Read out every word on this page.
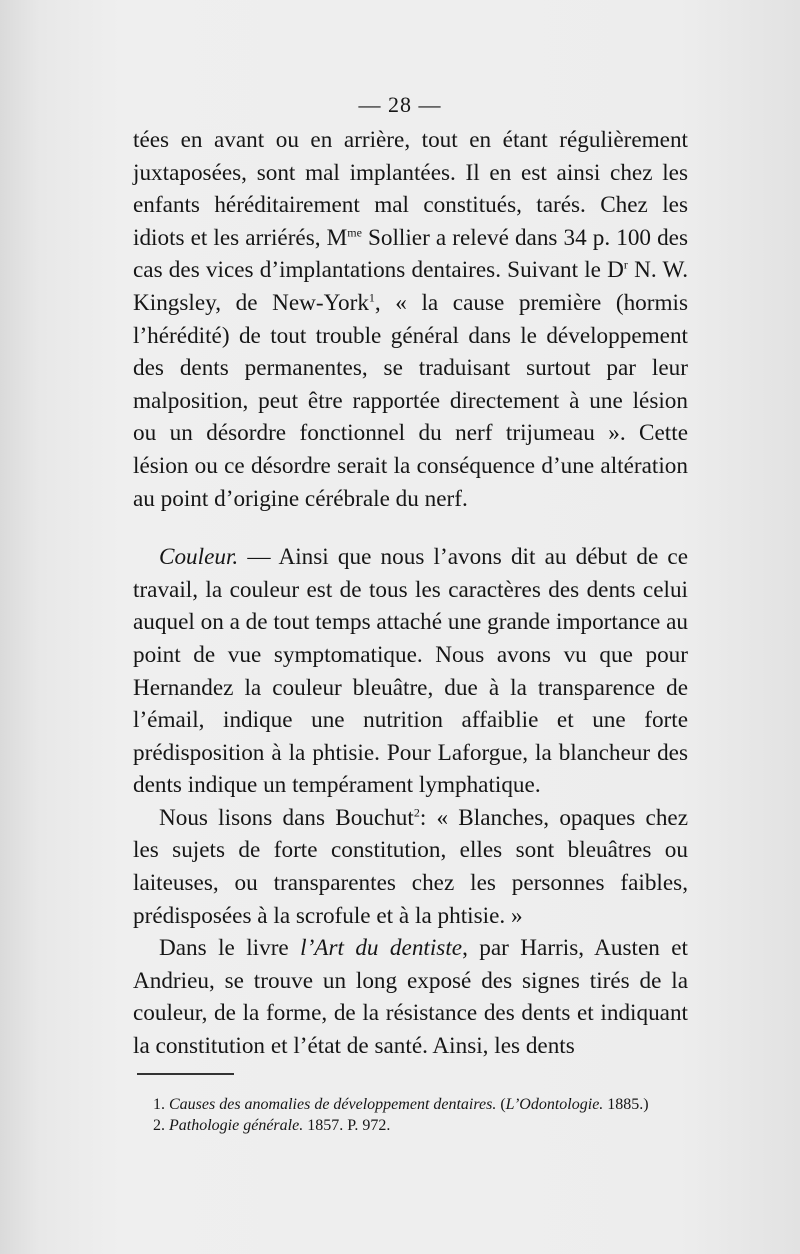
— 28 —

tées en avant ou en arrière, tout en étant régulièrement juxtaposées, sont mal implantées. Il en est ainsi chez les enfants héréditairement mal constitués, tarés. Chez les idiots et les arriérés, $M^{me}$ Sollier a relevé dans 34 p. 100 des cas des vices d’implantations dentaires. Suivant le $D^r$ N. W. Kingsley, de New-York$^1$, « la cause première (hormis l’hérédité) de tout trouble général dans le développement des dents permanentes, se traduisant surtout par leur malposition, peut être rapportée directement à une lésion ou un désordre fonctionnel du nerf trijumeau ». Cette lésion ou ce désordre serait la conséquence d’une altération au point d’origine cérébrale du nerf.

Couleur. — Ainsi que nous l’avons dit au début de ce travail, la couleur est de tous les caractères des dents celui auquel on a de tout temps attaché une grande importance au point de vue symptomatique. Nous avons vu que pour Hernandez la couleur bleuâtre, due à la transparence de l’émail, indique une nutrition affaiblie et une forte prédisposition à la phtisie. Pour Laforgue, la blancheur des dents indique un tempérament lymphatique.

Nous lisons dans Bouchut$^2$: « Blanches, opaques chez les sujets de forte constitution, elles sont bleuâtres ou laiteuses, ou transparentes chez les personnes faibles, prédisposées à la scrofule et à la phtisie. »

Dans le livre l’Art du dentiste, par Harris, Austen et Andrieu, se trouve un long exposé des signes tirés de la couleur, de la forme, de la résistance des dents et indiquant la constitution et l’état de santé. Ainsi, les dents

1. Causes des anomalies de développement dentaires. (L’Odontologie. 1885.)

2. Pathologie générale. 1857. P. 972.
